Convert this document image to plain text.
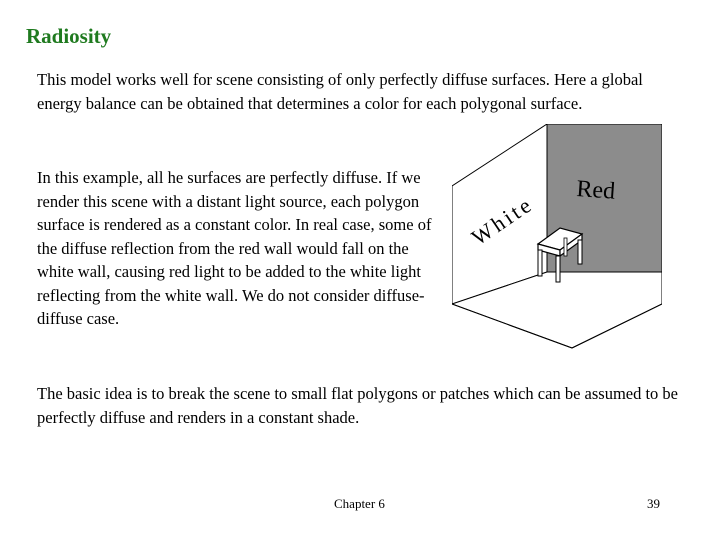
Radiosity

This model works well for scene consisting of only perfectly diffuse surfaces. Here a global energy balance can be obtained that determines a color for each polygonal surface.

In this example, all he surfaces are perfectly diffuse. If we render this scene with a distant light source, each polygon surface is rendered as a constant color. In real case, some of the diffuse reflection from the red wall would fall on the white wall, causing red light to be added to the white light reflecting from the white wall. We do not consider diffuse-diffuse case.

The basic idea is to break the scene to small flat polygons or patches which can be assumed to be perfectly diffuse and renders in a constant shade.

Red
White
Chapter 6	39
